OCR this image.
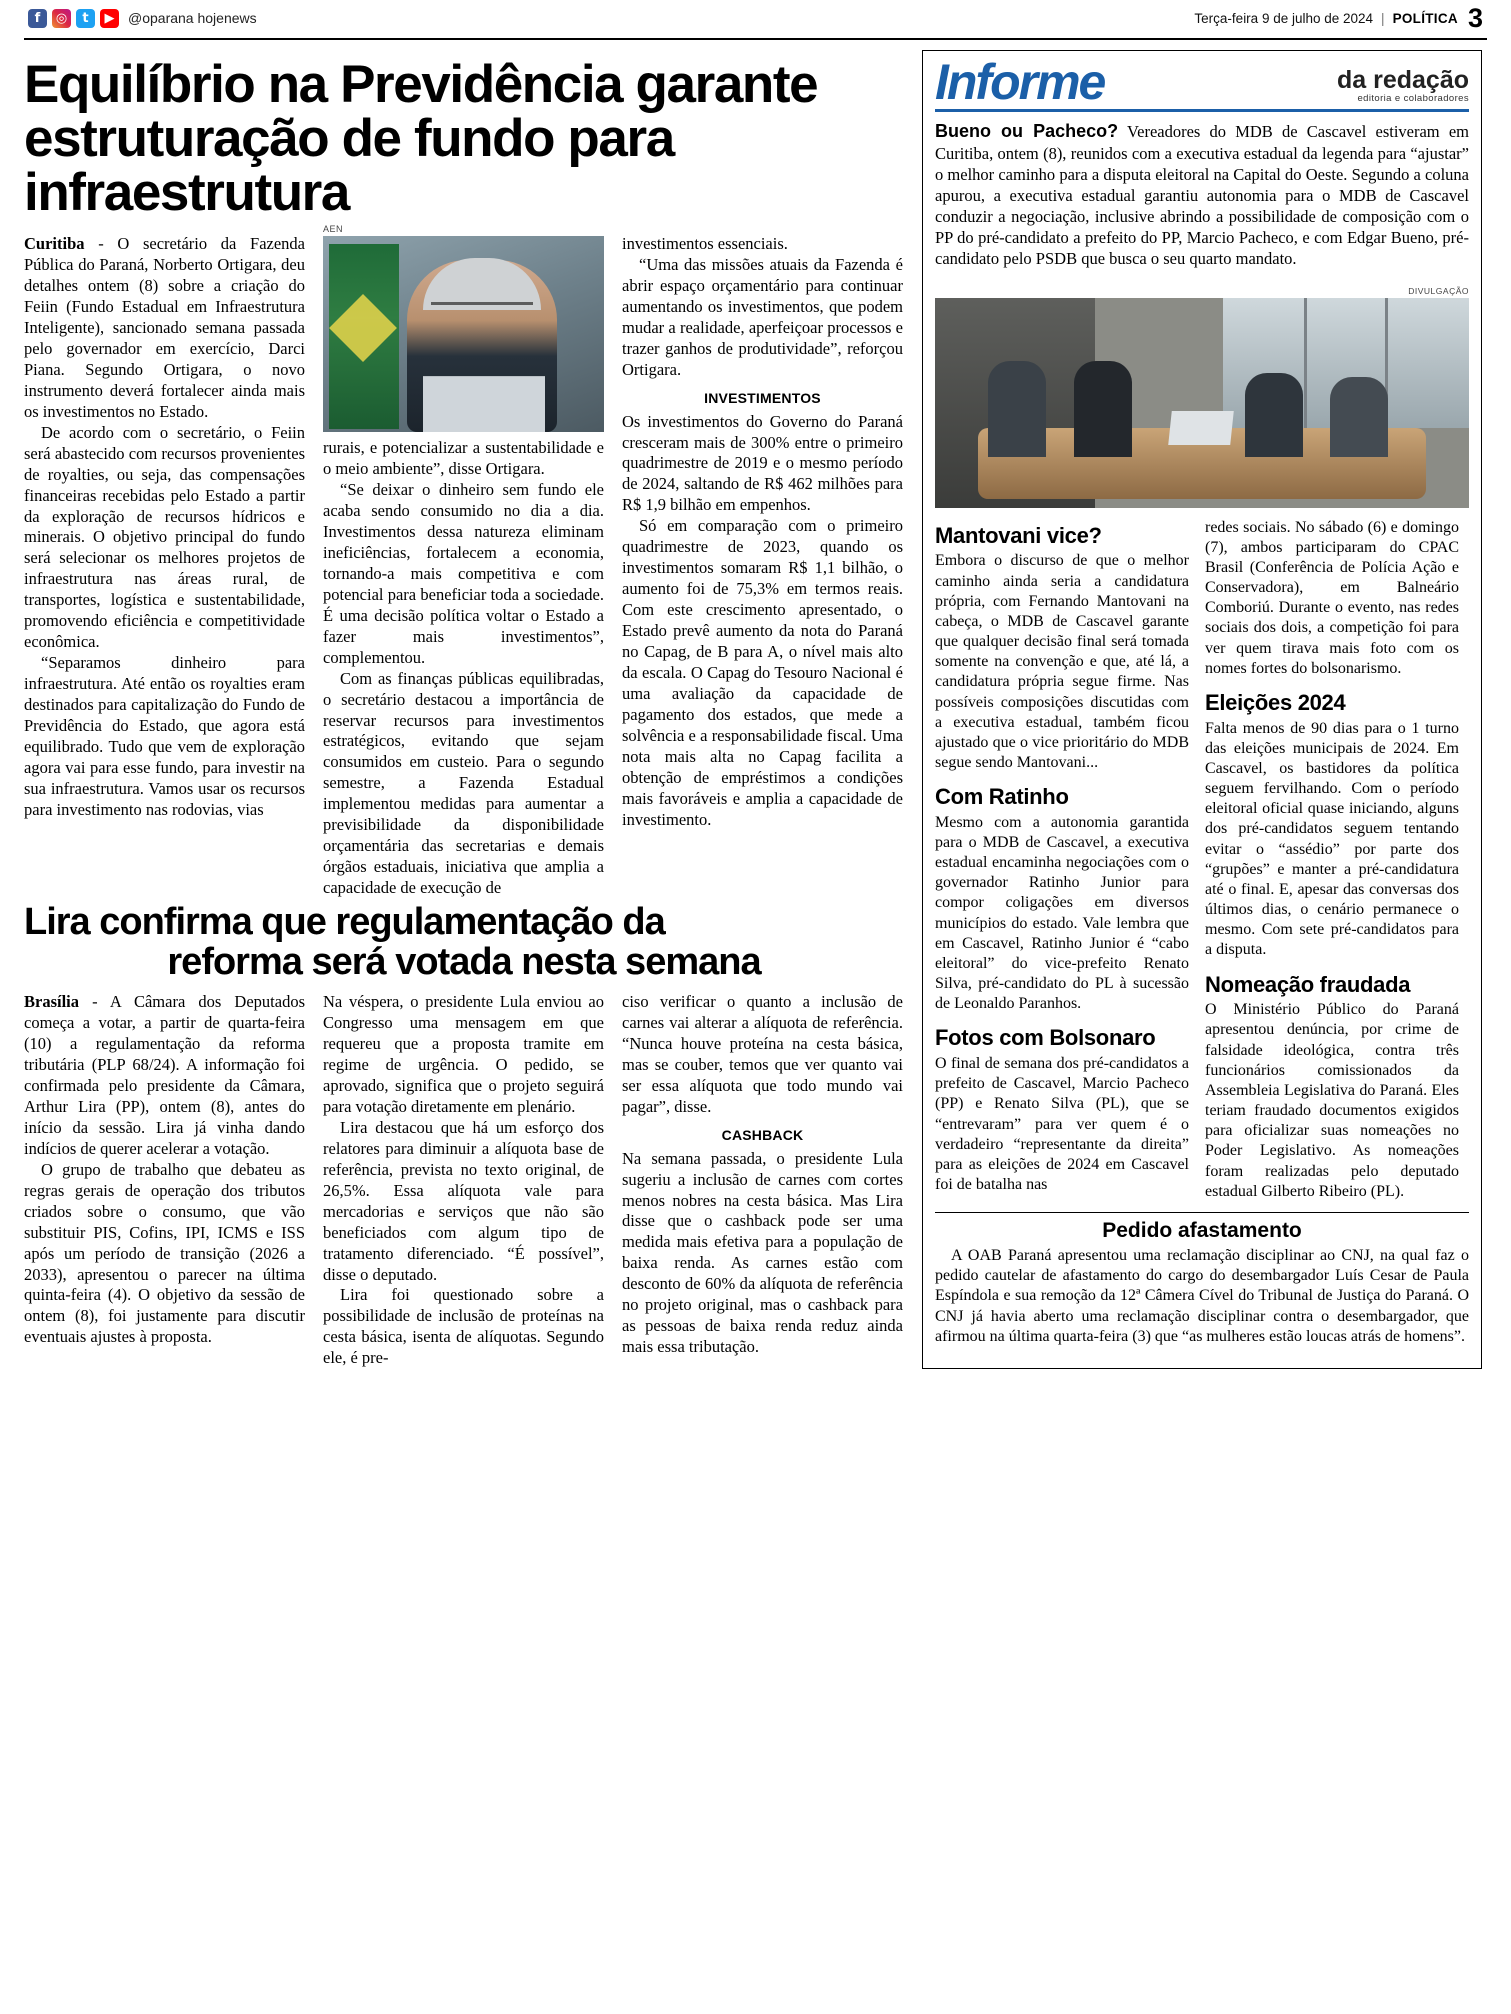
f	◎	t	▶ @oparana hojenews	Terça-feira 9 de julho de 2024 | POLÍTICA 3
Equilíbrio na Previdência garante estruturação de fundo para infraestrutura

Curitiba - O secretário da Fazenda Pública do Paraná, Norberto Ortigara, deu detalhes ontem (8) sobre a criação do Feiin (Fundo Estadual em Infraestrutura Inteligente), sancionado semana passada pelo governador em exercício, Darci Piana. Segundo Ortigara, o novo instrumento deverá fortalecer ainda mais os investimentos no Estado.

De acordo com o secretário, o Feiin será abastecido com recursos provenientes de royalties, ou seja, das compensações financeiras recebidas pelo Estado a partir da exploração de recursos hídricos e minerais. O objetivo principal do fundo será selecionar os melhores projetos de infraestrutura nas áreas rural, de transportes, logística e sustentabilidade, promovendo eficiência e competitividade econômica.

“Separamos dinheiro para infraestrutura. Até então os royalties eram destinados para capitalização do Fundo de Previdência do Estado, que agora está equilibrado. Tudo que vem de exploração agora vai para esse fundo, para investir na sua infraestrutura. Vamos usar os recursos para investimento nas rodovias, vias

AEN

rurais, e potencializar a sustentabilidade e o meio ambiente”, disse Ortigara.

“Se deixar o dinheiro sem fundo ele acaba sendo consumido no dia a dia. Investimentos dessa natureza eliminam ineficiências, fortalecem a economia, tornando-a mais competitiva e com potencial para beneficiar toda a sociedade. É uma decisão política voltar o Estado a fazer mais investimentos”, complementou.

Com as finanças públicas equilibradas, o secretário destacou a importância de reservar recursos para investimentos estratégicos, evitando que sejam consumidos em custeio. Para o segundo semestre, a Fazenda Estadual implementou medidas para aumentar a previsibilidade da disponibilidade orçamentária das secretarias e demais órgãos estaduais, iniciativa que amplia a capacidade de execução de

investimentos essenciais.

“Uma das missões atuais da Fazenda é abrir espaço orçamentário para continuar aumentando os investimentos, que podem mudar a realidade, aperfeiçoar processos e trazer ganhos de produtividade”, reforçou Ortigara.

INVESTIMENTOS

Os investimentos do Governo do Paraná cresceram mais de 300% entre o primeiro quadrimestre de 2019 e o mesmo período de 2024, saltando de R$ 462 milhões para R$ 1,9 bilhão em empenhos.

Só em comparação com o primeiro quadrimestre de 2023, quando os investimentos somaram R$ 1,1 bilhão, o aumento foi de 75,3% em termos reais. Com este crescimento apresentado, o Estado prevê aumento da nota do Paraná no Capag, de B para A, o nível mais alto da escala. O Capag do Tesouro Nacional é uma avaliação da capacidade de pagamento dos estados, que mede a solvência e a responsabilidade fiscal. Uma nota mais alta no Capag facilita a obtenção de empréstimos a condições mais favoráveis e amplia a capacidade de investimento.

Lira confirma que regulamentação da
reforma será votada nesta semana

Brasília - A Câmara dos Deputados começa a votar, a partir de quarta-feira (10) a regulamentação da reforma tributária (PLP 68/24). A informação foi confirmada pelo presidente da Câmara, Arthur Lira (PP), ontem (8), antes do início da sessão. Lira já vinha dando indícios de querer acelerar a votação.

O grupo de trabalho que debateu as regras gerais de operação dos tributos criados sobre o consumo, que vão substituir PIS, Cofins, IPI, ICMS e ISS após um período de transição (2026 a 2033), apresentou o parecer na última quinta-feira (4). O objetivo da sessão de ontem (8), foi justamente para discutir eventuais ajustes à proposta.

Na véspera, o presidente Lula enviou ao Congresso uma mensagem em que requereu que a proposta tramite em regime de urgência. O pedido, se aprovado, significa que o projeto seguirá para votação diretamente em plenário.

Lira destacou que há um esforço dos relatores para diminuir a alíquota base de referência, prevista no texto original, de 26,5%. Essa alíquota vale para mercadorias e serviços que não são beneficiados com algum tipo de tratamento diferenciado. “É possível”, disse o deputado.

Lira foi questionado sobre a possibilidade de inclusão de proteínas na cesta básica, isenta de alíquotas. Segundo ele, é pre-

ciso verificar o quanto a inclusão de carnes vai alterar a alíquota de referência. “Nunca houve proteína na cesta básica, mas se couber, temos que ver quanto vai ser essa alíquota que todo mundo vai pagar”, disse.

CASHBACK

Na semana passada, o presidente Lula sugeriu a inclusão de carnes com cortes menos nobres na cesta básica. Mas Lira disse que o cashback pode ser uma medida mais efetiva para a população de baixa renda. As carnes estão com desconto de 60% da alíquota de referência no projeto original, mas o cashback para as pessoas de baixa renda reduz ainda mais essa tributação.

Informe	da redação
editoria e colaboradores

Bueno ou Pacheco? Vereadores do MDB de Cascavel estiveram em Curitiba, ontem (8), reunidos com a executiva estadual da legenda para “ajustar” o melhor caminho para a disputa eleitoral na Capital do Oeste. Segundo a coluna apurou, a executiva estadual garantiu autonomia para o MDB de Cascavel conduzir a negociação, inclusive abrindo a possibilidade de composição com o PP do pré-candidato a prefeito do PP, Marcio Pacheco, e com Edgar Bueno, pré-candidato pelo PSDB que busca o seu quarto mandato.

DIVULGAÇÃO
Mantovani vice?

Embora o discurso de que o melhor caminho ainda seria a candidatura própria, com Fernando Mantovani na cabeça, o MDB de Cascavel garante que qualquer decisão final será tomada somente na convenção e que, até lá, a candidatura própria segue firme. Nas possíveis composições discutidas com a executiva estadual, também ficou ajustado que o vice prioritário do MDB segue sendo Mantovani...

Com Ratinho

Mesmo com a autonomia garantida para o MDB de Cascavel, a executiva estadual encaminha negociações com o governador Ratinho Junior para compor coligações em diversos municípios do estado. Vale lembra que em Cascavel, Ratinho Junior é “cabo eleitoral” do vice-prefeito Renato Silva, pré-candidato do PL à sucessão de Leonaldo Paranhos.

Fotos com Bolsonaro

O final de semana dos pré-candidatos a prefeito de Cascavel, Marcio Pacheco (PP) e Renato Silva (PL), que se “entrevaram” para ver quem é o verdadeiro “representante da direita” para as eleições de 2024 em Cascavel foi de batalha nas

redes sociais. No sábado (6) e domingo (7), ambos participaram do CPAC Brasil (Conferência de Polícia Ação e Conservadora), em Balneário Comboriú. Durante o evento, nas redes sociais dos dois, a competição foi para ver quem tirava mais foto com os nomes fortes do bolsonarismo.

Eleições 2024

Falta menos de 90 dias para o 1 turno das eleições municipais de 2024. Em Cascavel, os bastidores da política seguem fervilhando. Com o período eleitoral oficial quase iniciando, alguns dos pré-candidatos seguem tentando evitar o “assédio” por parte dos “grupões” e manter a pré-candidatura até o final. E, apesar das conversas dos últimos dias, o cenário permanece o mesmo. Com sete pré-candidatos para a disputa.

Nomeação fraudada

O Ministério Público do Paraná apresentou denúncia, por crime de falsidade ideológica, contra três funcionários comissionados da Assembleia Legislativa do Paraná. Eles teriam fraudado documentos exigidos para oficializar suas nomeações no Poder Legislativo. As nomeações foram realizadas pelo deputado estadual Gilberto Ribeiro (PL).

Pedido afastamento
A OAB Paraná apresentou uma reclamação disciplinar ao CNJ, na qual faz o pedido cautelar de afastamento do cargo do desembargador Luís Cesar de Paula Espíndola e sua remoção da 12ª Câmera Cível do Tribunal de Justiça do Paraná. O CNJ já havia aberto uma reclamação disciplinar contra o desembargador, que afirmou na última quarta-feira (3) que “as mulheres estão loucas atrás de homens”.
